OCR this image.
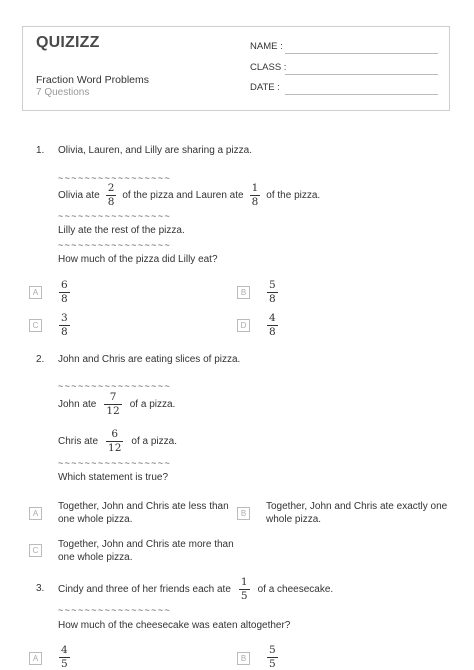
QUIZIZZ
Fraction Word Problems
7 Questions
NAME :
CLASS :
DATE :
1. Olivia, Lauren, and Lilly are sharing a pizza.
~~~~~~~~~~~~~~~~~
Olivia ate $\frac{2}{8}$ of the pizza and Lauren ate $\frac{1}{8}$ of the pizza.
~~~~~~~~~~~~~~~~~
Lilly ate the rest of the pizza.
~~~~~~~~~~~~~~~~~
How much of the pizza did Lilly eat?
A
6
8	B
5
8
C
3
8	D
4
8
2. John and Chris are eating slices of pizza.
~~~~~~~~~~~~~~~~~
John ate $\frac{7}{12}$ of a pizza.
Chris ate $\frac{6}{12}$ of a pizza.
~~~~~~~~~~~~~~~~~
Which statement is true?
A
Together, John and Chris ate less than
one whole pizza.
B
Together, John and Chris ate exactly one
whole pizza.
C
Together, John and Chris ate more than
one whole pizza.
3. Cindy and three of her friends each ate $\frac{1}{5}$ of a cheesecake.
~~~~~~~~~~~~~~~~~
How much of the cheesecake was eaten altogether?
A
4
5	B
5
5
